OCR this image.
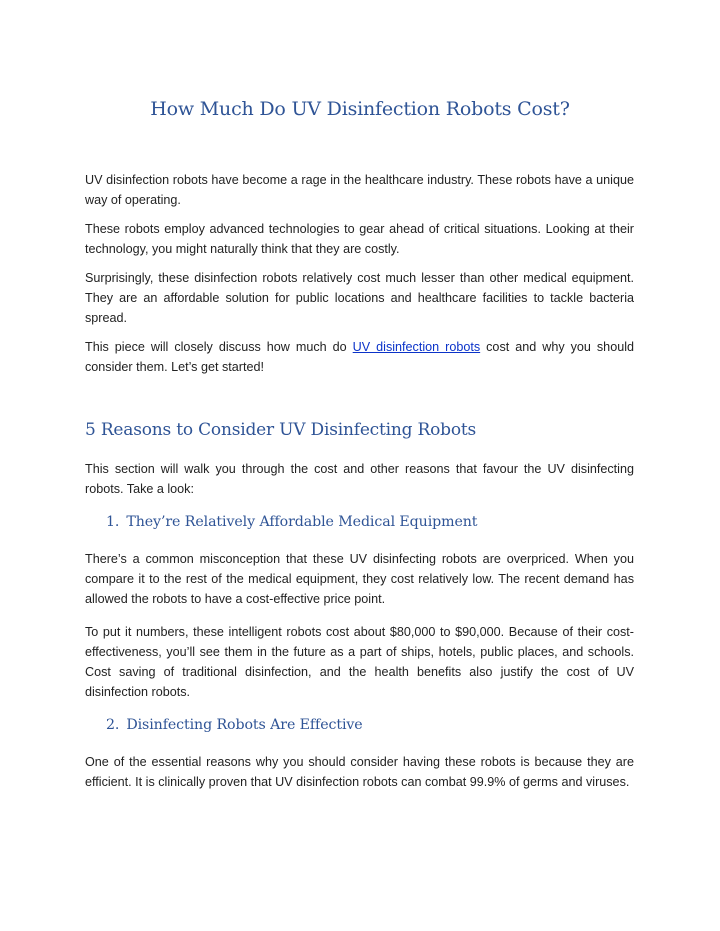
How Much Do UV Disinfection Robots Cost?

UV disinfection robots have become a rage in the healthcare industry. These robots have a unique way of operating.

These robots employ advanced technologies to gear ahead of critical situations. Looking at their technology, you might naturally think that they are costly.

Surprisingly, these disinfection robots relatively cost much lesser than other medical equipment. They are an affordable solution for public locations and healthcare facilities to tackle bacteria spread.

This piece will closely discuss how much do UV disinfection robots cost and why you should consider them. Let’s get started!

5 Reasons to Consider UV Disinfecting Robots

This section will walk you through the cost and other reasons that favour the UV disinfecting robots. Take a look:

1. They’re Relatively Affordable Medical Equipment

There’s a common misconception that these UV disinfecting robots are overpriced. When you compare it to the rest of the medical equipment, they cost relatively low. The recent demand has allowed the robots to have a cost-effective price point.

To put it numbers, these intelligent robots cost about $80,000 to $90,000. Because of their cost-effectiveness, you’ll see them in the future as a part of ships, hotels, public places, and schools. Cost saving of traditional disinfection, and the health benefits also justify the cost of UV disinfection robots.

2. Disinfecting Robots Are Effective

One of the essential reasons why you should consider having these robots is because they are efficient. It is clinically proven that UV disinfection robots can combat 99.9% of germs and viruses.
